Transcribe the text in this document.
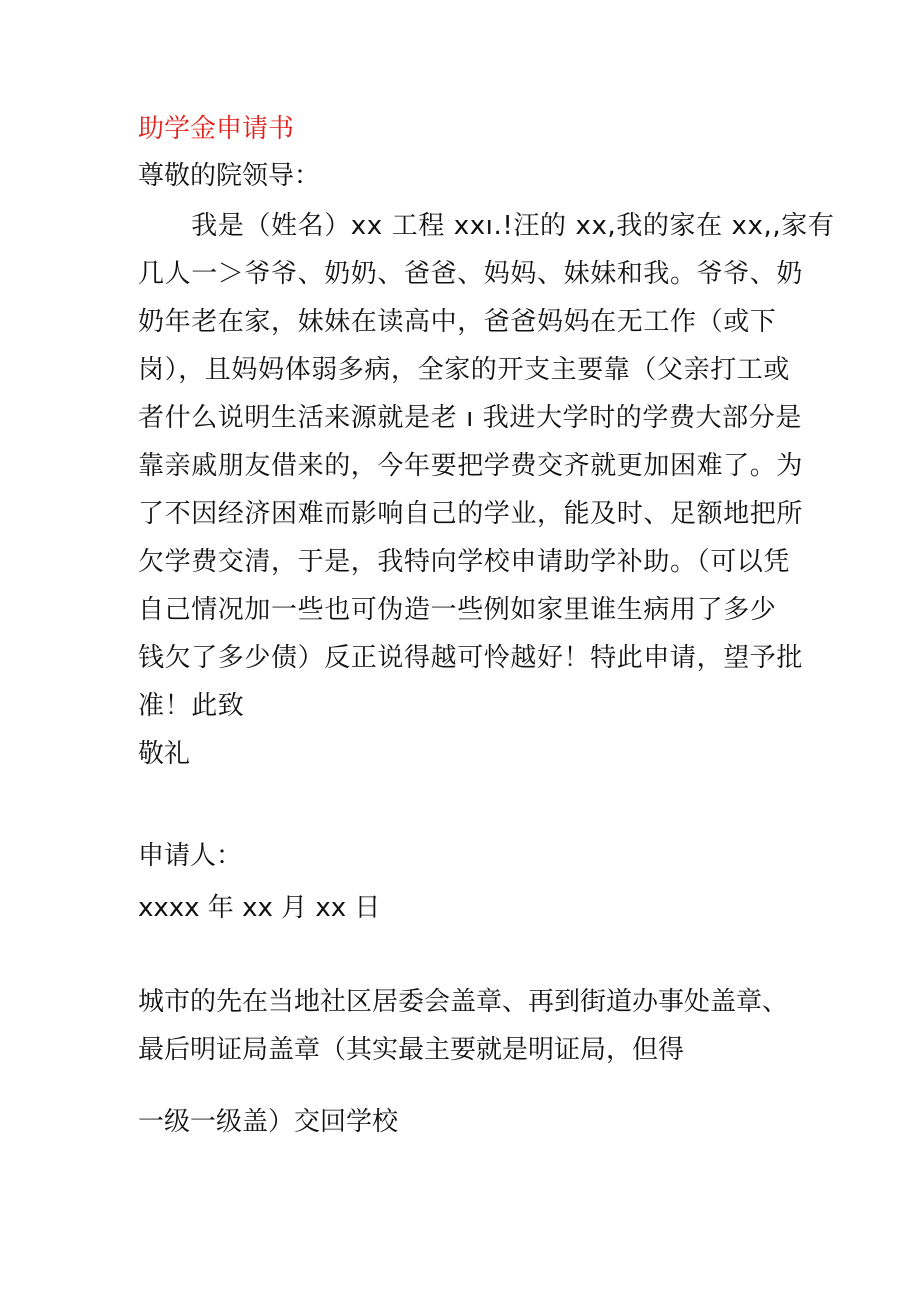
助学金申请书
尊敬的院领导：
　　我是（姓名）xx 工程 xxı.!汪的 xx,我的家在 xx,,家有
几人一＞爷爷、奶奶、爸爸、妈妈、妹妹和我。爷爷、奶
奶年老在家，妹妹在读高中，爸爸妈妈在无工作（或下
岗），且妈妈体弱多病，全家的开支主要靠（父亲打工或
者什么说明生活来源就是老 ı 我进大学时的学费大部分是
靠亲戚朋友借来的，今年要把学费交齐就更加困难了。为
了不因经济困难而影响自己的学业，能及时、足额地把所
欠学费交清，于是，我特向学校申请助学补助。（可以凭
自己情况加一些也可伪造一些例如家里谁生病用了多少
钱欠了多少债）反正说得越可怜越好！特此申请，望予批
准！此致
敬礼
申请人：
xxxx 年 xx 月 xx 日
城市的先在当地社区居委会盖章、再到街道办事处盖章、
最后明证局盖章（其实最主要就是明证局，但得
一级一级盖）交回学校
